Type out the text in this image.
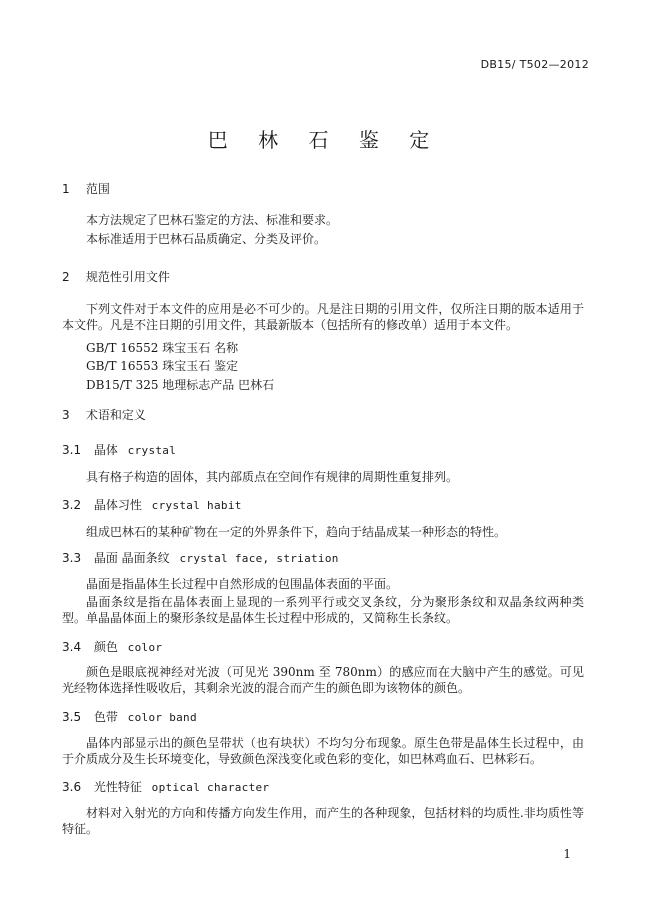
DB15/ T502—2012
巴 林 石 鉴 定
1 范围
本方法规定了巴林石鉴定的方法、标准和要求。
本标准适用于巴林石品质确定、分类及评价。
2 规范性引用文件
下列文件对于本文件的应用是必不可少的。凡是注日期的引用文件，仅所注日期的版本适用于本文件。凡是不注日期的引用文件，其最新版本（包括所有的修改单）适用于本文件。
GB/T 16552 珠宝玉石 名称
GB/T 16553 珠宝玉石 鉴定
DB15/T 325 地理标志产品 巴林石
3 术语和定义
3.1 晶体 crystal
具有格子构造的固体，其内部质点在空间作有规律的周期性重复排列。
3.2 晶体习性 crystal habit
组成巴林石的某种矿物在一定的外界条件下，趋向于结晶成某一种形态的特性。
3.3 晶面 晶面条纹 crystal face, striation
晶面是指晶体生长过程中自然形成的包围晶体表面的平面。
晶面条纹是指在晶体表面上显现的一系列平行或交叉条纹，分为聚形条纹和双晶条纹两种类型。单晶晶体面上的聚形条纹是晶体生长过程中形成的，又简称生长条纹。
3.4 颜色 color
颜色是眼底视神经对光波（可见光 390nm 至 780nm）的感应而在大脑中产生的感觉。可见光经物体选择性吸收后，其剩余光波的混合而产生的颜色即为该物体的颜色。
3.5 色带 color band
晶体内部显示出的颜色呈带状（也有块状）不均匀分布现象。原生色带是晶体生长过程中，由于介质成分及生长环境变化，导致颜色深浅变化或色彩的变化，如巴林鸡血石、巴林彩石。
3.6 光性特征 optical character
材料对入射光的方向和传播方向发生作用，而产生的各种现象，包括材料的均质性.非均质性等特征。
1
